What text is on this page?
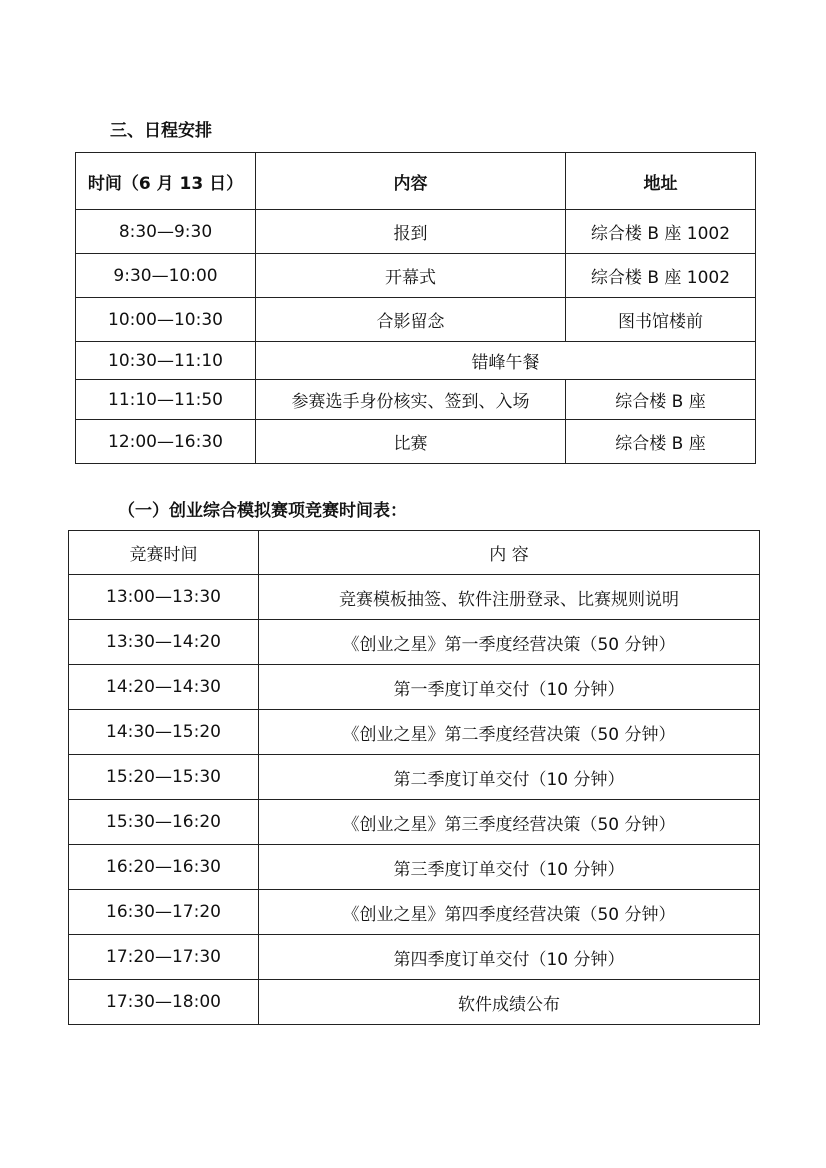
三、日程安排
时间（6 月 13 日）	内容	地址
8:30—9:30	报到	综合楼 B 座 1002
9:30—10:00	开幕式	综合楼 B 座 1002
10:00—10:30	合影留念	图书馆楼前
10:30—11:10	错峰午餐	
11:10—11:50	参赛选手身份核实、签到、入场	综合楼 B 座
12:00—16:30	比赛	综合楼 B 座
（一）创业综合模拟赛项竞赛时间表：
竞赛时间	内 容
13:00—13:30	竞赛模板抽签、软件注册登录、比赛规则说明
13:30—14:20	《创业之星》第一季度经营决策（50 分钟）
14:20—14:30	第一季度订单交付（10 分钟）
14:30—15:20	《创业之星》第二季度经营决策（50 分钟）
15:20—15:30	第二季度订单交付（10 分钟）
15:30—16:20	《创业之星》第三季度经营决策（50 分钟）
16:20—16:30	第三季度订单交付（10 分钟）
16:30—17:20	《创业之星》第四季度经营决策（50 分钟）
17:20—17:30	第四季度订单交付（10 分钟）
17:30—18:00	软件成绩公布
